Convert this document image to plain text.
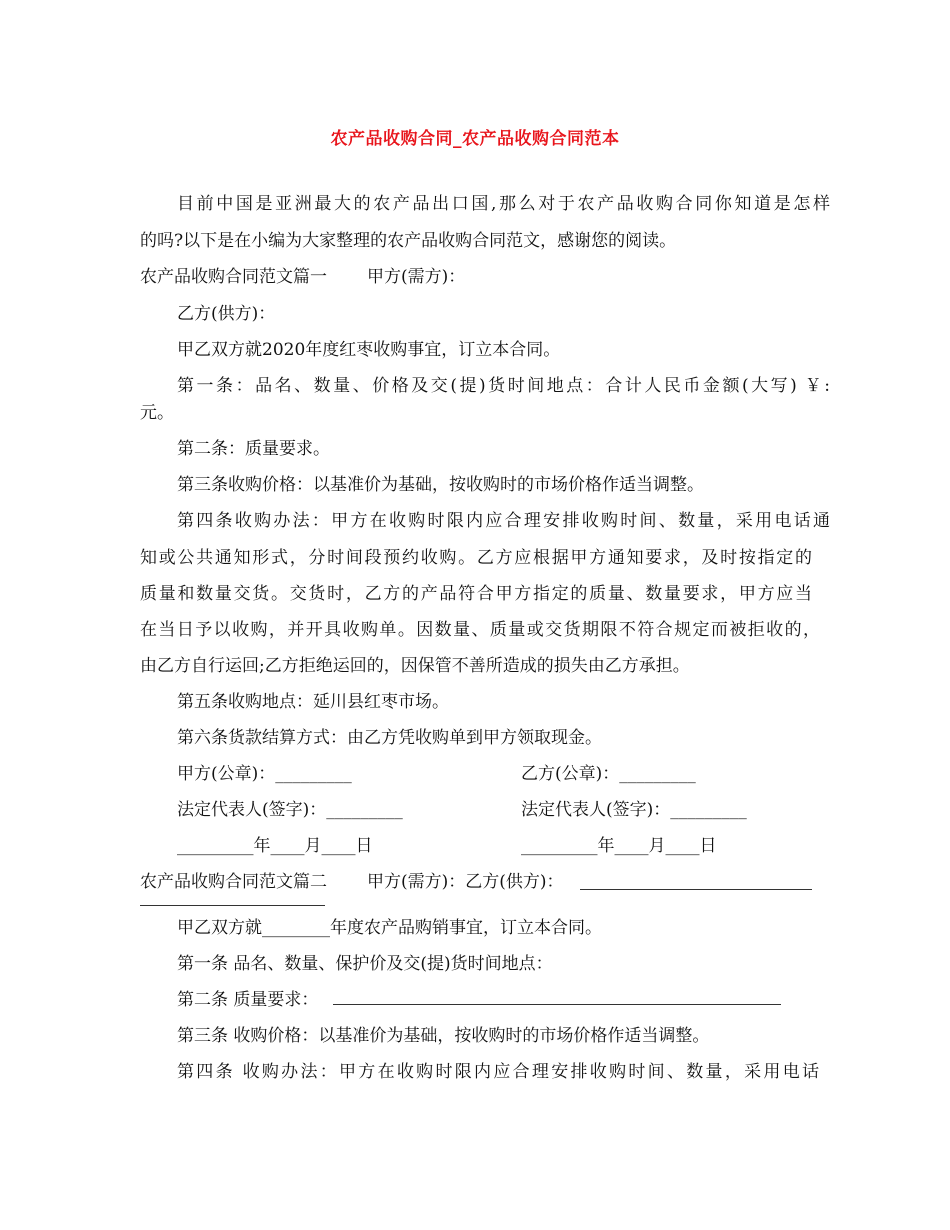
农产品收购合同_农产品收购合同范本
目前中国是亚洲最大的农产品出口国,那么对于农产品收购合同你知道是怎样
的吗?以下是在小编为大家整理的农产品收购合同范文，感谢您的阅读。
农产品收购合同范文篇一 甲方(需方)：
乙方(供方)：
甲乙双方就2020年度红枣收购事宜，订立本合同。
第一条：品名、数量、价格及交(提)货时间地点：合计人民币金额(大写) ￥:
元。
第二条：质量要求。
第三条收购价格：以基准价为基础，按收购时的市场价格作适当调整。
第四条收购办法：甲方在收购时限内应合理安排收购时间、数量，采用电话通
知或公共通知形式，分时间段预约收购。乙方应根据甲方通知要求，及时按指定的
质量和数量交货。交货时，乙方的产品符合甲方指定的质量、数量要求，甲方应当
在当日予以收购，并开具收购单。因数量、质量或交货期限不符合规定而被拒收的，
由乙方自行运回;乙方拒绝运回的，因保管不善所造成的损失由乙方承担。
第五条收购地点：延川县红枣市场。
第六条货款结算方式：由乙方凭收购单到甲方领取现金。
甲方(公章)：_________	乙方(公章)：_________
法定代表人(签字)：_________	法定代表人(签字)：_________
_________年____月____日	_________年____月____日
农产品收购合同范文篇二 甲方(需方)：乙方(供方)：
甲乙双方就________年度农产品购销事宜，订立本合同。
第一条 品名、数量、保护价及交(提)货时间地点：
第二条 质量要求：
第三条 收购价格：以基准价为基础，按收购时的市场价格作适当调整。
第四条 收购办法：甲方在收购时限内应合理安排收购时间、数量，采用电话
